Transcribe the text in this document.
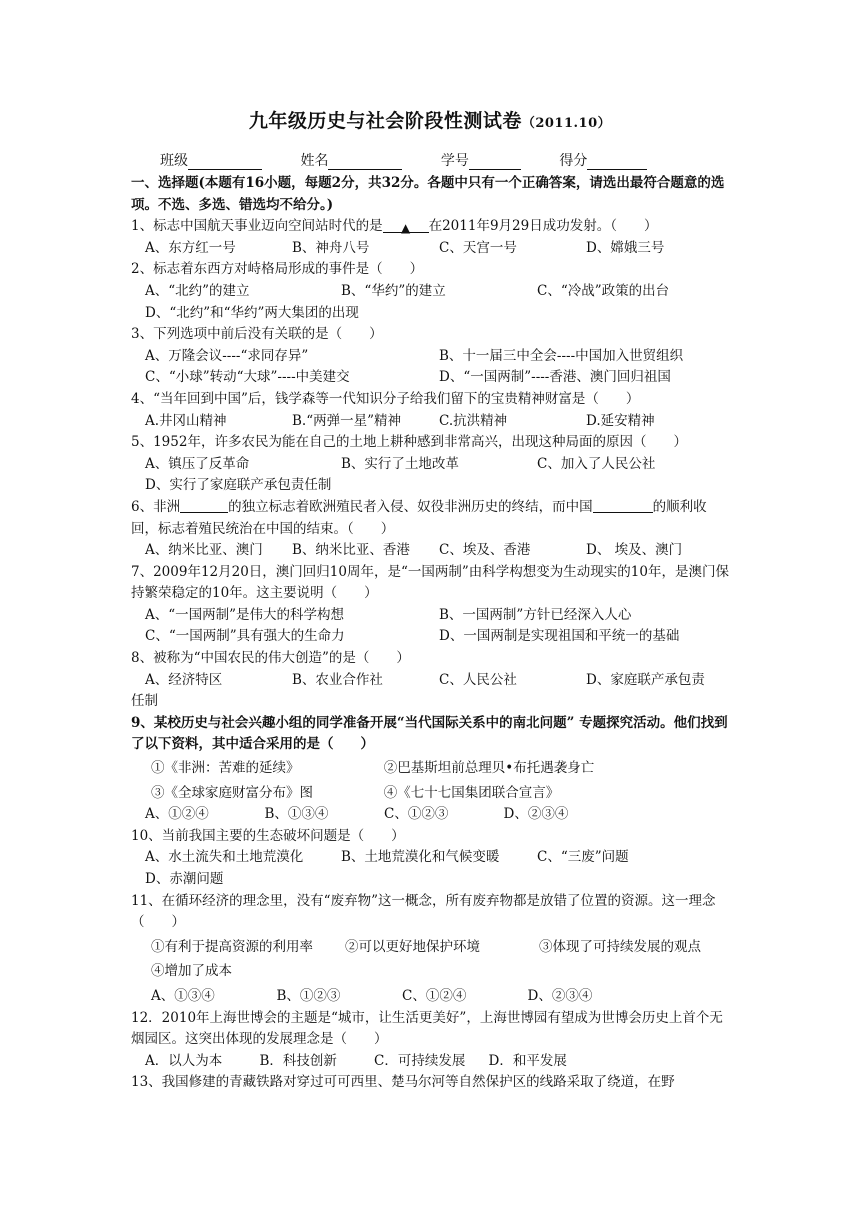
九年级历史与社会阶段性测试卷（2011.10）
班级	姓名	学号	得分
一、选择题(本题有16小题，每题2分，共32分。各题中只有一个正确答案，请选出最符合题意的选项。不选、多选、错选均不给分。)
1、标志中国航天事业迈向空间站时代的是 ▲ 在2011年9月29日成功发射。（　　）
A、东方红一号	B、神舟八号	C、天宫一号	D、嫦娥三号
2、标志着东西方对峙格局形成的事件是（　　）
A、“北约”的建立	B、“华约”的建立	C、“冷战”政策的出台
D、“北约”和“华约”两大集团的出现
3、下列选项中前后没有关联的是（　　）
A、万隆会议----“求同存异”	B、十一届三中全会----中国加入世贸组织
C、“小球”转动“大球”----中美建交	D、“一国两制”----香港、澳门回归祖国
4、“当年回到中国”后，钱学森等一代知识分子给我们留下的宝贵精神财富是（　　）
A.井冈山精神	B.“两弹一星”精神	C.抗洪精神	D.延安精神
5、1952年，许多农民为能在自己的土地上耕种感到非常高兴，出现这种局面的原因（　　）
A、镇压了反革命	B、实行了土地改革	C、加入了人民公社
D、实行了家庭联产承包责任制
6、非洲	的独立标志着欧洲殖民者入侵、奴役非洲历史的终结，而中国	的顺利收回，标志着殖民统治在中国的结束。（　　）
A、纳米比亚、澳门	B、纳米比亚、香港	C、埃及、香港	D、 埃及、澳门
7、2009年12月20日，澳门回归10周年，是“一国两制”由科学构想变为生动现实的10年，是澳门保持繁荣稳定的10年。这主要说明（　　）
A、“一国两制”是伟大的科学构想	B、一国两制”方针已经深入人心
C、“一国两制”具有强大的生命力	D、一国两制是实现祖国和平统一的基础
8、被称为“中国农民的伟大创造”的是（　　）
A、经济特区	B、农业合作社	C、人民公社	D、家庭联产承包责
任制
9、某校历史与社会兴趣小组的同学准备开展“当代国际关系中的南北问题” 专题探究活动。他们找到了以下资料，其中适合采用的是（　　）
①《非洲：苦难的延续》	②巴基斯坦前总理贝•布托遇袭身亡
③《全球家庭财富分布》图	④《七十七国集团联合宣言》
A、①②④	B、①③④	C、①②③	D、②③④
10、当前我国主要的生态破坏问题是（　　）
A、水土流失和土地荒漠化	B、土地荒漠化和气候变暖	C、“三废”问题
D、赤潮问题
11、在循环经济的理念里，没有“废弃物”这一概念，所有废弃物都是放错了位置的资源。这一理念（　　）
①有利于提高资源的利用率	②可以更好地保护环境	③体现了可持续发展的观点
④增加了成本
A、①③④	B、①②③	C、①②④	D、②③④
12．2010年上海世博会的主题是“城市，让生活更美好”，上海世博园有望成为世博会历史上首个无烟园区。这突出体现的发展理念是（　　）
A．以人为本	B．科技创新	C．可持续发展	D．和平发展
13、我国修建的青藏铁路对穿过可可西里、楚马尔河等自然保护区的线路采取了绕道，在野
